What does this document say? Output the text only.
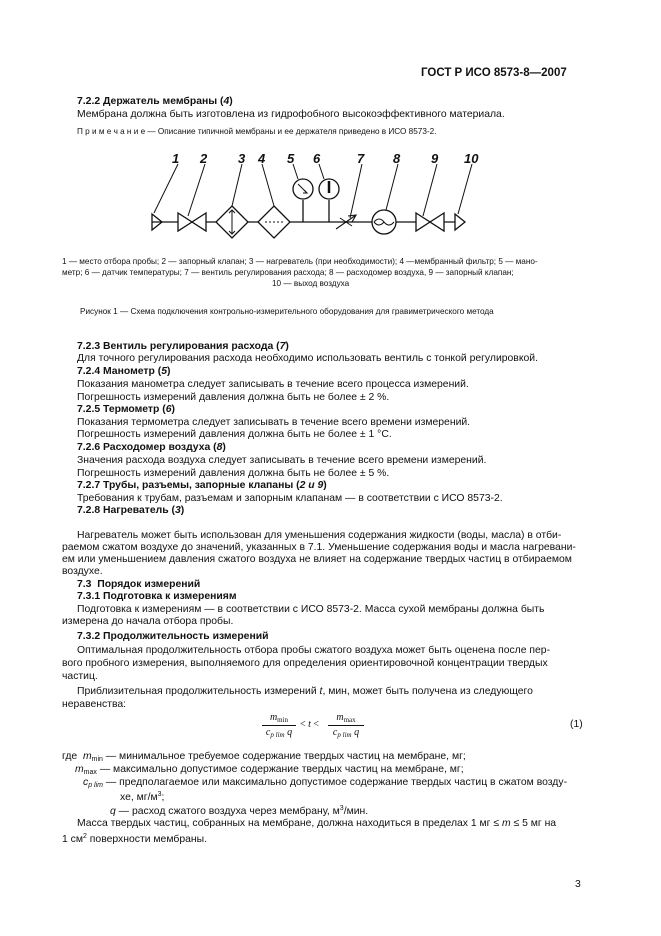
ГОСТ Р ИСО 8573-8—2007
7.2.2 Держатель мембраны (4)
Мембрана должна быть изготовлена из гидрофобного высокоэффективного материала.
П р и м е ч а н и е — Описание типичной мембраны и ее держателя приведено в ИСО 8573-2.
1 2 3 4 5 6	7 8 9 10
1 — место отбора пробы; 2 — запорный клапан; 3 — нагреватель (при необходимости); 4 —мембранный фильтр; 5 — мано-
метр; 6 — датчик температуры; 7 — вентиль регулирования расхода; 8 — расходомер воздуха, 9 — запорный клапан;
10 — выход воздуха
Рисунок 1 — Схема подключения контрольно-измерительного оборудования для гравиметрического метода
7.2.3 Вентиль регулирования расхода (7)
Для точного регулирования расхода необходимо использовать вентиль с тонкой регулировкой.
7.2.4 Манометр (5)
Показания манометра следует записывать в течение всего процесса измерений.
Погрешность измерений давления должна быть не более ± 2 %.
7.2.5 Термометр (6)
Показания термометра следует записывать в течение всего времени измерений.
Погрешность измерений давления должна быть не более ± 1 °C.
7.2.6 Расходомер воздуха (8)
Значения расхода воздуха следует записывать в течение всего времени измерений.
Погрешность измерений давления должна быть не более ± 5 %.
7.2.7 Трубы, разъемы, запорные клапаны (2 и 9)
Требования к трубам, разъемам и запорным клапанам — в соответствии с ИСО 8573-2.
7.2.8 Нагреватель (3)
Нагреватель может быть использован для уменьшения содержания жидкости (воды, масла) в отби-
раемом сжатом воздухе до значений, указанных в 7.1. Уменьшение содержания воды и масла нагревани-
ем или уменьшением давления сжатого воздуха не влияет на содержание твердых частиц в отбираемом
воздухе.
7.3 Порядок измерений
7.3.1 Подготовка к измерениям
Подготовка к измерениям — в соответствии с ИСО 8573-2. Масса сухой мембраны должна быть
измерена до начала отбора пробы.
7.3.2 Продолжительность измерений
Оптимальная продолжительность отбора пробы сжатого воздуха может быть оценена после пер-
вого пробного измерения, выполняемого для определения ориентировочной концентрации твердых
частиц.
Приблизительная продолжительность измерений t, мин, может быть получена из следующего
неравенства:
$m_{min}$
$c_{p lim}$ q
< t <
$m_{max}$
$c_{p lim}$ q
(1)
где $m_{min}$ — минимальное требуемое содержание твердых частиц на мембране, мг;
$m_{max}$ — максимально допустимое содержание твердых частиц на мембране, мг;
$c_{p lim}$ — предполагаемое или максимально допустимое содержание твердых частиц в сжатом возду-
хе, $мг/м^3$;
q — расход сжатого воздуха через мембрану, $м^3$/мин.
Масса твердых частиц, собранных на мембране, должна находиться в пределах 1 мг ≤ m ≤ 5 мг на
1 $см^2$ поверхности мембраны.
3
